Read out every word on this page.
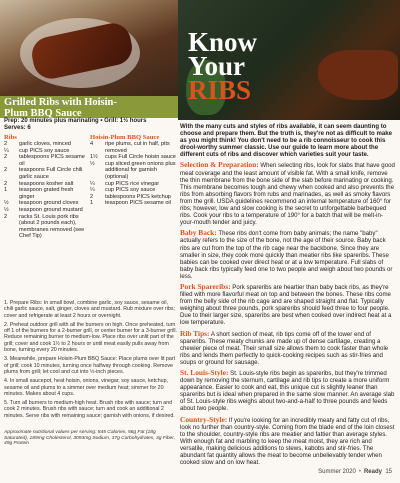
Know
Your
RIBS
Grilled Ribs with Hoisin-
Plum BBQ Sauce
Prep: 20 minutes plus marinating • Grill: 1½ hours
Serves: 6
Ribs
2	garlic cloves, minced
¼	cup PICS soy sauce
2	tablespoons PICS sesame oil
2	teaspoons Full Circle chili garlic sauce
2	teaspoons kosher salt
1	teaspoon grated fresh ginger
½	teaspoon ground cloves
½	teaspoon ground mustard
2	racks St. Louis pork ribs (about 2 pounds each), membranes removed (see Chef Tip)
Hoisin-Plum BBQ Sauce
4	ripe plums, cut in half, pits removed
1½	cups Full Circle hoisin sauce
½	cup sliced green onions plus additional for garnish (optional)
¼	cup PICS rice vinegar
¼	cup PICS soy sauce
2	tablespoons PICS ketchup
1	teaspoon PICS sesame oil

1. Prepare Ribs: In small bowl, combine garlic, soy sauce, sesame oil, chili garlic sauce, salt, ginger, cloves and mustard. Rub mixture over ribs; cover and refrigerate at least 2 hours or overnight.

2. Preheat outdoor grill with all the burners on high. Once preheated, turn off 1 of the burners for a 2-burner grill, or center burner for a 3-burner grill. Reduce remaining burner to medium-low. Place ribs over unlit part of the grill; cover and cook 1½ to 2 hours or until meat easily pulls away from bone, turning every 20 minutes.

3. Meanwhile, prepare Hoisin-Plum BBQ Sauce: Place plums over lit part of grill; cook 10 minutes, turning once halfway through cooking. Remove plums from grill; let cool and cut into ½-inch pieces.

4. In small saucepot, heat hoisin, onions, vinegar, soy sauce, ketchup, sesame oil and plums to a simmer over medium heat; simmer for 20 minutes. Makes about 4 cups.

5. Turn all burners to medium-high heat. Brush ribs with sauce; turn and cook 2 minutes. Brush ribs with sauce; turn and cook an additional 2 minutes. Serve ribs with remaining sauce; garnish with onions, if desired.

Approximate nutritional values per serving: 845 Calories, 56g Fat (18g Saturated), 189mg Cholesterol, 3093mg Sodium, 37g Carbohydrates, 3g Fiber, 49g Protein

With the many cuts and styles of ribs available, it can seem daunting to choose and prepare them. But the truth is, they're not as difficult to make as you might think! You don't need to be a rib connoisseur to cook this drool-worthy summer classic. Use our guide to learn more about the different cuts of ribs and discover which varieties suit your taste.

Selection & Preparation: When selecting ribs, look for slabs that have good meat coverage and the least amount of visible fat. With a small knife, remove the thin membrane from the bone side of the slab before marinating or cooking. This membrane becomes tough and chewy when cooked and also prevents the ribs from absorbing flavors from rubs and marinades, as well as smoky flavors from the grill. USDA guidelines recommend an internal temperature of 160° for ribs; however, low and slow cooking is the secret to unforgettable barbequed ribs. Cook your ribs to a temperature of 190° for a batch that will be melt-in-your-mouth tender and juicy.

Baby Back: These ribs don't come from baby animals; the name "baby" actually refers to the size of the bone, not the age of their source. Baby back ribs are cut from the top of the rib cage near the backbone. Since they are smaller in size, they cook more quickly than meatier ribs like spareribs. These babies can be cooked over direct heat or at a low temperature. Full slabs of baby back ribs typically feed one to two people and weigh about two pounds or less.

Pork Spareribs: Pork spareribs are heartier than baby back ribs, as they're filled with more flavorful meat on top and between the bones. These ribs come from the belly side of the rib cage and are shaped straight and flat. Typically weighing about three pounds, pork spareribs should feed three to four people. Due to their larger size, spareribs are best when cooked over indirect heat at a low temperature.

Rib Tips: A short section of meat, rib tips come off of the lower end of spareribs. These meaty chunks are made up of dense cartilage, creating a chewier piece of meat. Their small size allows them to cook faster than whole ribs and lends them perfectly to quick-cooking recipes such as stir-fries and soups or ground for sausage.

St. Louis-Style: St. Louis-style ribs begin as spareribs, but they're trimmed down by removing the sternum, cartilage and rib tips to create a more uniform appearance. Easier to cook and eat, this unique cut is slightly leaner than spareribs but is ideal when prepared in the same slow manner. An average slab of St. Louis-style ribs weighs about two-and-a-half to three pounds and feeds about two people.

Country-Style: If you're looking for an incredibly meaty and fatty cut of ribs, look no further than country-style. Coming from the blade end of the loin closest to the shoulder, country-style ribs are meatier and fattier than average styles. With enough fat and marbling to keep the meat moist, they are rich and versatile, making delicious additions to stews, kabobs and stir-fries. The abundant fat quantity allows the meat to become unbelievably tender when cooked slow and on low heat.

Summer 2020 • Ready 15
